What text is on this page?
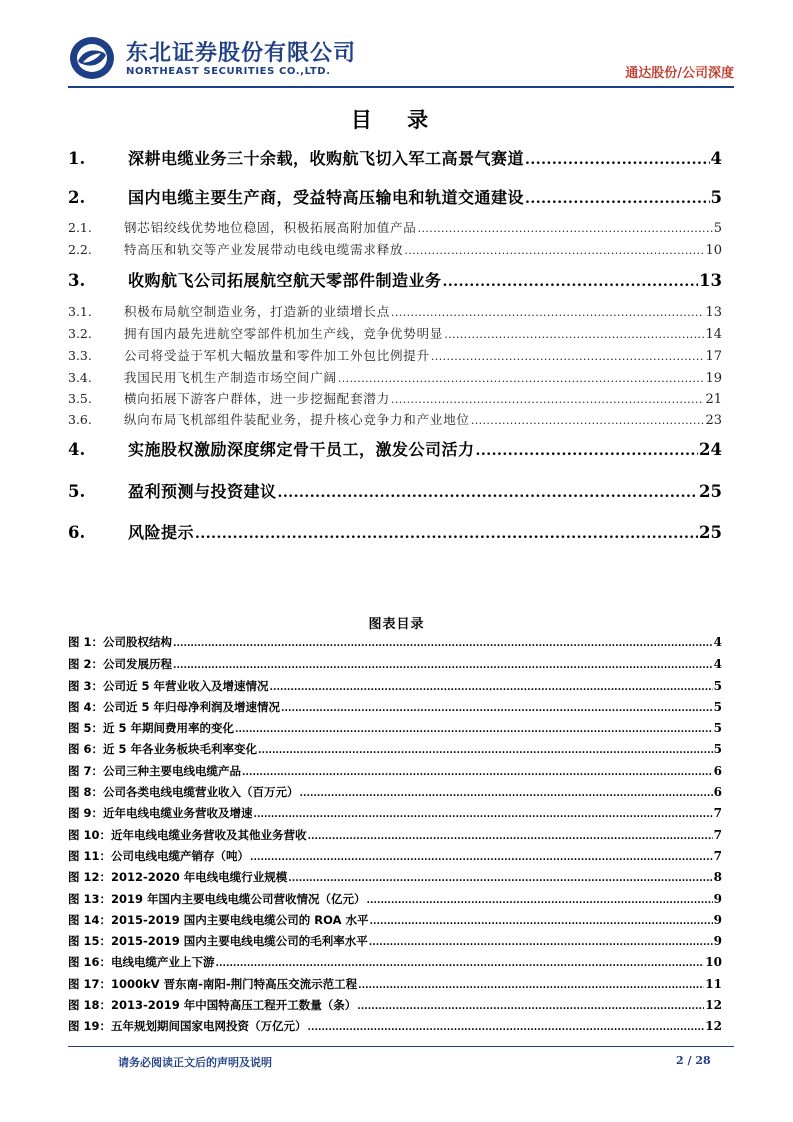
东北证券股份有限公司
NORTHEAST SECURITIES CO.,LTD.	通达股份/公司深度
目 录
1.	深耕电缆业务三十余载，收购航飞切入军工高景气赛道 .....	4
2.	国内电缆主要生产商，受益特高压输电和轨道交通建设 .....	5
2.1.	钢芯铝绞线优势地位稳固，积极拓展高附加值产品 .....	5
2.2.	特高压和轨交等产业发展带动电线电缆需求释放 .....	10
3.	收购航飞公司拓展航空航天零部件制造业务 .....	13
3.1.	积极布局航空制造业务，打造新的业绩增长点 .....	13
3.2.	拥有国内最先进航空零部件机加生产线，竞争优势明显 .....	14
3.3.	公司将受益于军机大幅放量和零件加工外包比例提升 .....	17
3.4.	我国民用飞机生产制造市场空间广阔 .....	19
3.5.	横向拓展下游客户群体，进一步挖掘配套潜力 .....	21
3.6.	纵向布局飞机部组件装配业务，提升核心竞争力和产业地位 .....	23
4.	实施股权激励深度绑定骨干员工，激发公司活力 .....	24
5.	盈利预测与投资建议 .....	25
6.	风险提示 .....	25
图表目录
图 1：公司股权结构 .....	4
图 2：公司发展历程 .....	4
图 3：公司近 5 年营业收入及增速情况 .....	5
图 4：公司近 5 年归母净利润及增速情况 .....	5
图 5：近 5 年期间费用率的变化 .....	5
图 6：近 5 年各业务板块毛利率变化 .....	5
图 7：公司三种主要电线电缆产品 .....	6
图 8：公司各类电线电缆营业收入（百万元） .....	6
图 9：近年电线电缆业务营收及增速 .....	7
图 10：近年电线电缆业务营收及其他业务营收 .....	7
图 11：公司电线电缆产销存（吨） .....	7
图 12：2012-2020 年电线电缆行业规模 .....	8
图 13：2019 年国内主要电线电缆公司营收情况（亿元） .....	9
图 14：2015-2019 国内主要电线电缆公司的 ROA 水平 .....	9
图 15：2015-2019 国内主要电线电缆公司的毛利率水平 .....	9
图 16：电线电缆产业上下游 .....	10
图 17：1000kV 晋东南-南阳-荆门特高压交流示范工程 .....	11
图 18：2013-2019 年中国特高压工程开工数量（条） .....	12
图 19：五年规划期间国家电网投资（万亿元） .....	12
请务必阅读正文后的声明及说明	2 / 28
